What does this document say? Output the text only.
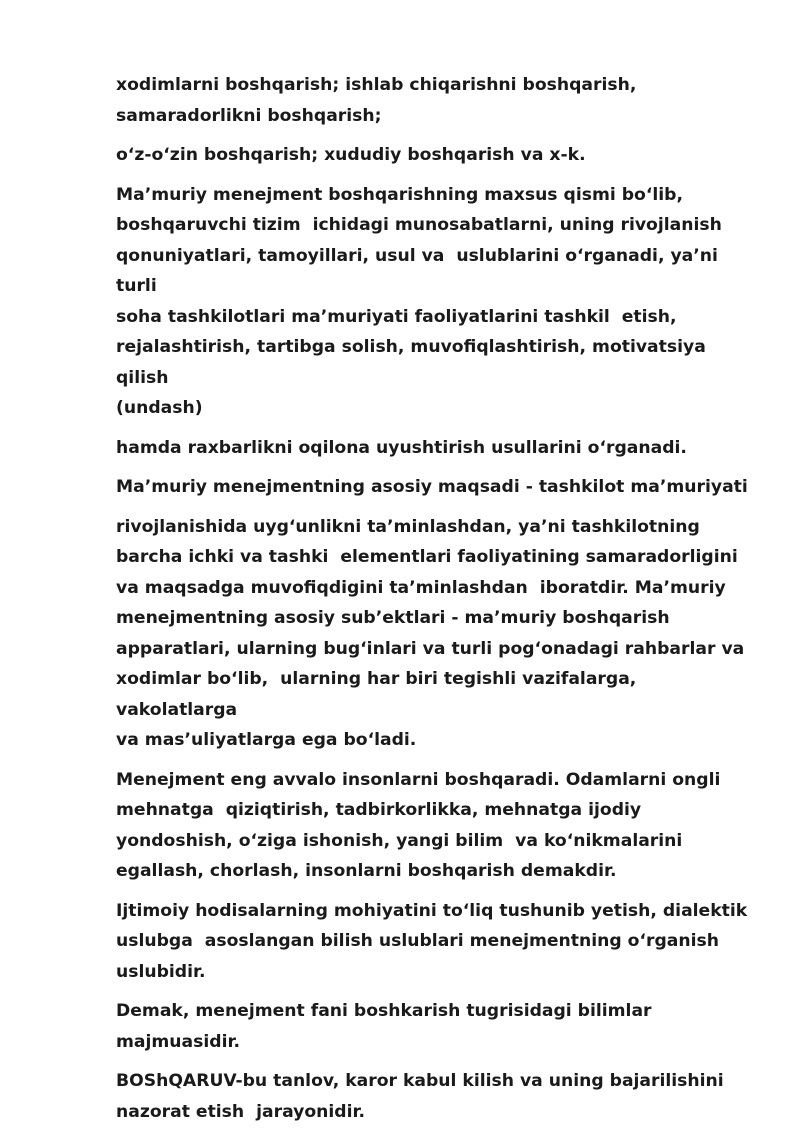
xodimlarni boshqarish; ishlab chiqarishni boshqarish,
samaradorlikni boshqarish;

o‘z-o‘zin boshqarish; xududiy boshqarish va x-k.

Ma’muriy menejment boshqarishning maxsus qismi bo‘lib,
boshqaruvchi tizim  ichidagi munosabatlarni, uning rivojlanish
qonuniyatlari, tamoyillari, usul va  uslublarini o‘rganadi, ya’ni turli
soha tashkilotlari ma’muriyati faoliyatlarini tashkil  etish,
rejalashtirish, tartibga solish, muvofiqlashtirish, motivatsiya qilish
(undash)

hamda raxbarlikni oqilona uyushtirish usullarini o‘rganadi.

Ma’muriy menejmentning asosiy maqsadi - tashkilot ma’muriyati

rivojlanishida uyg‘unlikni ta’minlashdan, ya’ni tashkilotning
barcha ichki va tashki  elementlari faoliyatining samaradorligini
va maqsadga muvofiqdigini ta’minlashdan  iboratdir. Ma’muriy
menejmentning asosiy sub’ektlari - ma’muriy boshqarish
apparatlari, ularning bug‘inlari va turli pog‘onadagi rahbarlar va
xodimlar bo‘lib,  ularning har biri tegishli vazifalarga, vakolatlarga
va mas’uliyatlarga ega bo‘ladi.

Menejment eng avvalo insonlarni boshqaradi. Odamlarni ongli
mehnatga  qiziqtirish, tadbirkorlikka, mehnatga ijodiy
yondoshish, o‘ziga ishonish, yangi bilim  va ko‘nikmalarini
egallash, chorlash, insonlarni boshqarish demakdir.

Ijtimoiy hodisalarning mohiyatini to‘liq tushunib yetish, dialektik
uslubga  asoslangan bilish uslublari menejmentning o‘rganish
uslubidir.

Demak, menejment fani boshkarish tugrisidagi bilimlar
majmuasidir.

BOShQARUV-bu tanlov, karor kabul kilish va uning bajarilishini
nazorat etish  jarayonidir.
